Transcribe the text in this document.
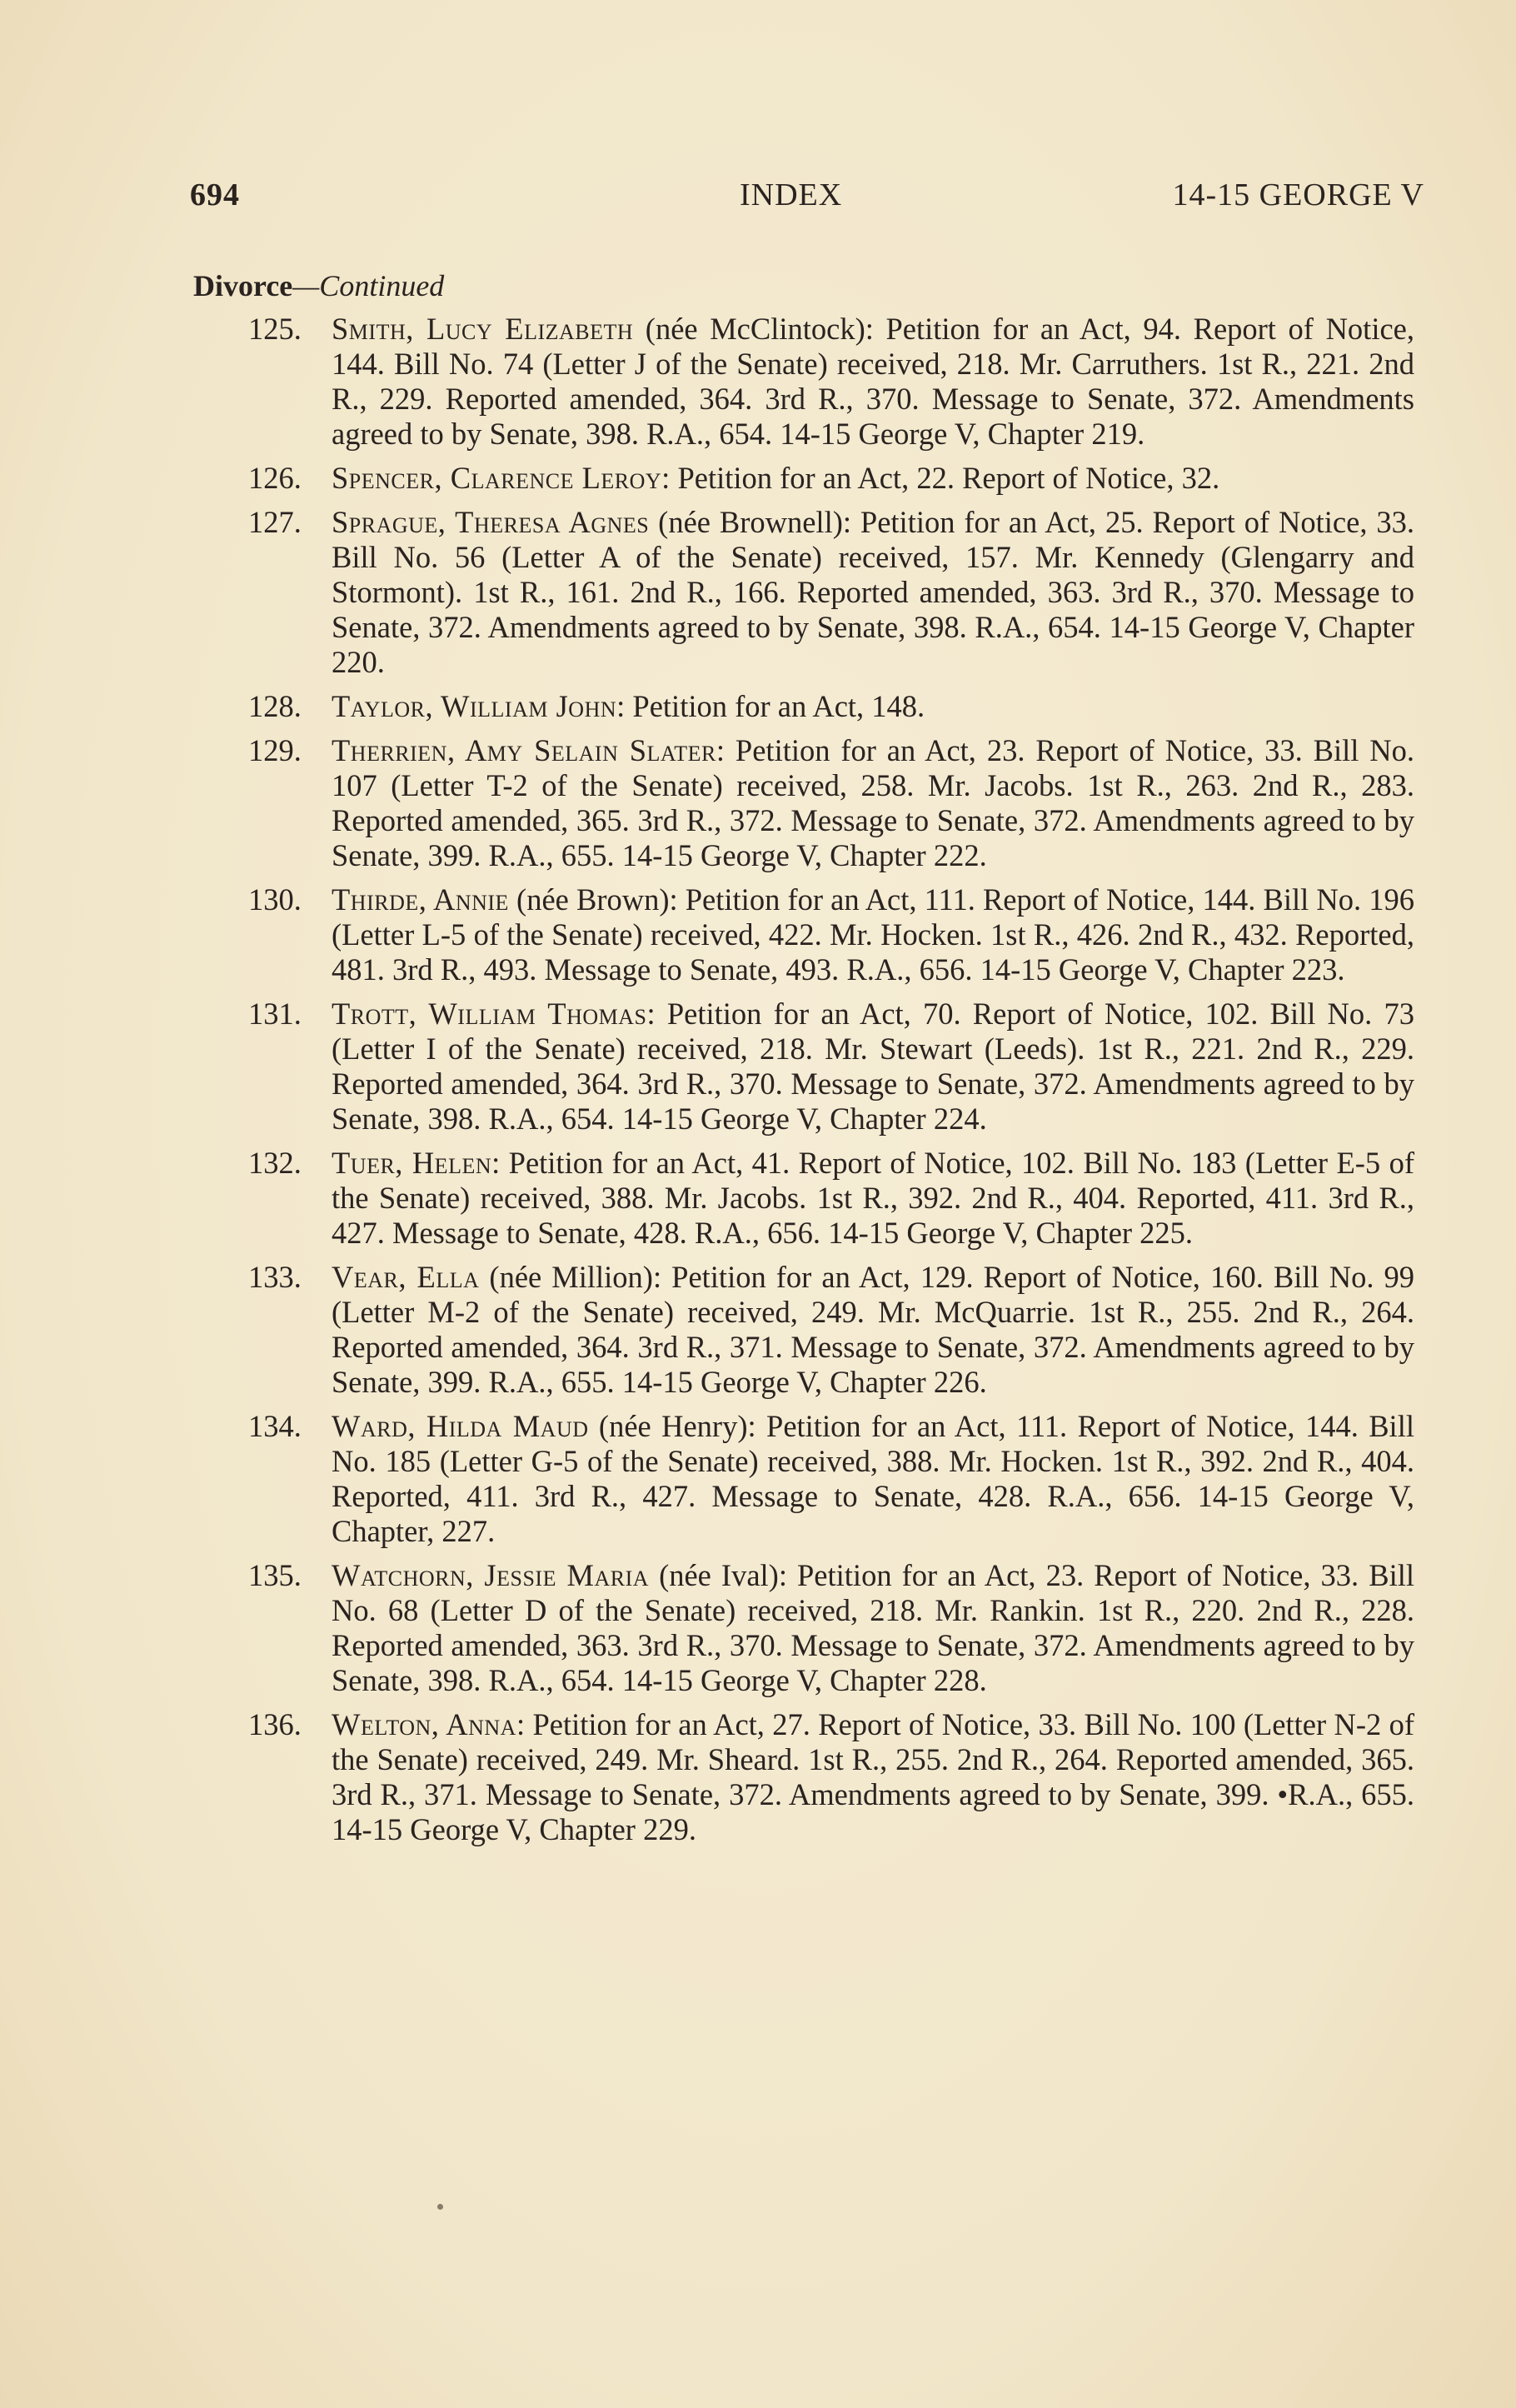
694	INDEX	14-15 GEORGE V
Divorce—Continued
125. Smith, Lucy Elizabeth (née McClintock): Petition for an Act, 94. Report of Notice, 144. Bill No. 74 (Letter J of the Senate) received, 218. Mr. Carruthers. 1st R., 221. 2nd R., 229. Reported amended, 364. 3rd R., 370. Message to Senate, 372. Amendments agreed to by Senate, 398. R.A., 654. 14-15 George V, Chapter 219.
126. Spencer, Clarence Leroy: Petition for an Act, 22. Report of Notice, 32.
127. Sprague, Theresa Agnes (née Brownell): Petition for an Act, 25. Report of Notice, 33. Bill No. 56 (Letter A of the Senate) received, 157. Mr. Kennedy (Glengarry and Stormont). 1st R., 161. 2nd R., 166. Reported amended, 363. 3rd R., 370. Message to Senate, 372. Amendments agreed to by Senate, 398. R.A., 654. 14-15 George V, Chapter 220.
128. Taylor, William John: Petition for an Act, 148.
129. Therrien, Amy Selain Slater: Petition for an Act, 23. Report of Notice, 33. Bill No. 107 (Letter T-2 of the Senate) received, 258. Mr. Jacobs. 1st R., 263. 2nd R., 283. Reported amended, 365. 3rd R., 372. Message to Senate, 372. Amendments agreed to by Senate, 399. R.A., 655. 14-15 George V, Chapter 222.
130. Thirde, Annie (née Brown): Petition for an Act, 111. Report of Notice, 144. Bill No. 196 (Letter L-5 of the Senate) received, 422. Mr. Hocken. 1st R., 426. 2nd R., 432. Reported, 481. 3rd R., 493. Message to Senate, 493. R.A., 656. 14-15 George V, Chapter 223.
131. Trott, William Thomas: Petition for an Act, 70. Report of Notice, 102. Bill No. 73 (Letter I of the Senate) received, 218. Mr. Stewart (Leeds). 1st R., 221. 2nd R., 229. Reported amended, 364. 3rd R., 370. Message to Senate, 372. Amendments agreed to by Senate, 398. R.A., 654. 14-15 George V, Chapter 224.
132. Tuer, Helen: Petition for an Act, 41. Report of Notice, 102. Bill No. 183 (Letter E-5 of the Senate) received, 388. Mr. Jacobs. 1st R., 392. 2nd R., 404. Reported, 411. 3rd R., 427. Message to Senate, 428. R.A., 656. 14-15 George V, Chapter 225.
133. Vear, Ella (née Million): Petition for an Act, 129. Report of Notice, 160. Bill No. 99 (Letter M-2 of the Senate) received, 249. Mr. McQuarrie. 1st R., 255. 2nd R., 264. Reported amended, 364. 3rd R., 371. Message to Senate, 372. Amendments agreed to by Senate, 399. R.A., 655. 14-15 George V, Chapter 226.
134. Ward, Hilda Maud (née Henry): Petition for an Act, 111. Report of Notice, 144. Bill No. 185 (Letter G-5 of the Senate) received, 388. Mr. Hocken. 1st R., 392. 2nd R., 404. Reported, 411. 3rd R., 427. Message to Senate, 428. R.A., 656. 14-15 George V, Chapter, 227.
135. Watchorn, Jessie Maria (née Ival): Petition for an Act, 23. Report of Notice, 33. Bill No. 68 (Letter D of the Senate) received, 218. Mr. Rankin. 1st R., 220. 2nd R., 228. Reported amended, 363. 3rd R., 370. Message to Senate, 372. Amendments agreed to by Senate, 398. R.A., 654. 14-15 George V, Chapter 228.
136. Welton, Anna: Petition for an Act, 27. Report of Notice, 33. Bill No. 100 (Letter N-2 of the Senate) received, 249. Mr. Sheard. 1st R., 255. 2nd R., 264. Reported amended, 365. 3rd R., 371. Message to Senate, 372. Amendments agreed to by Senate, 399. •R.A., 655. 14-15 George V, Chapter 229.
